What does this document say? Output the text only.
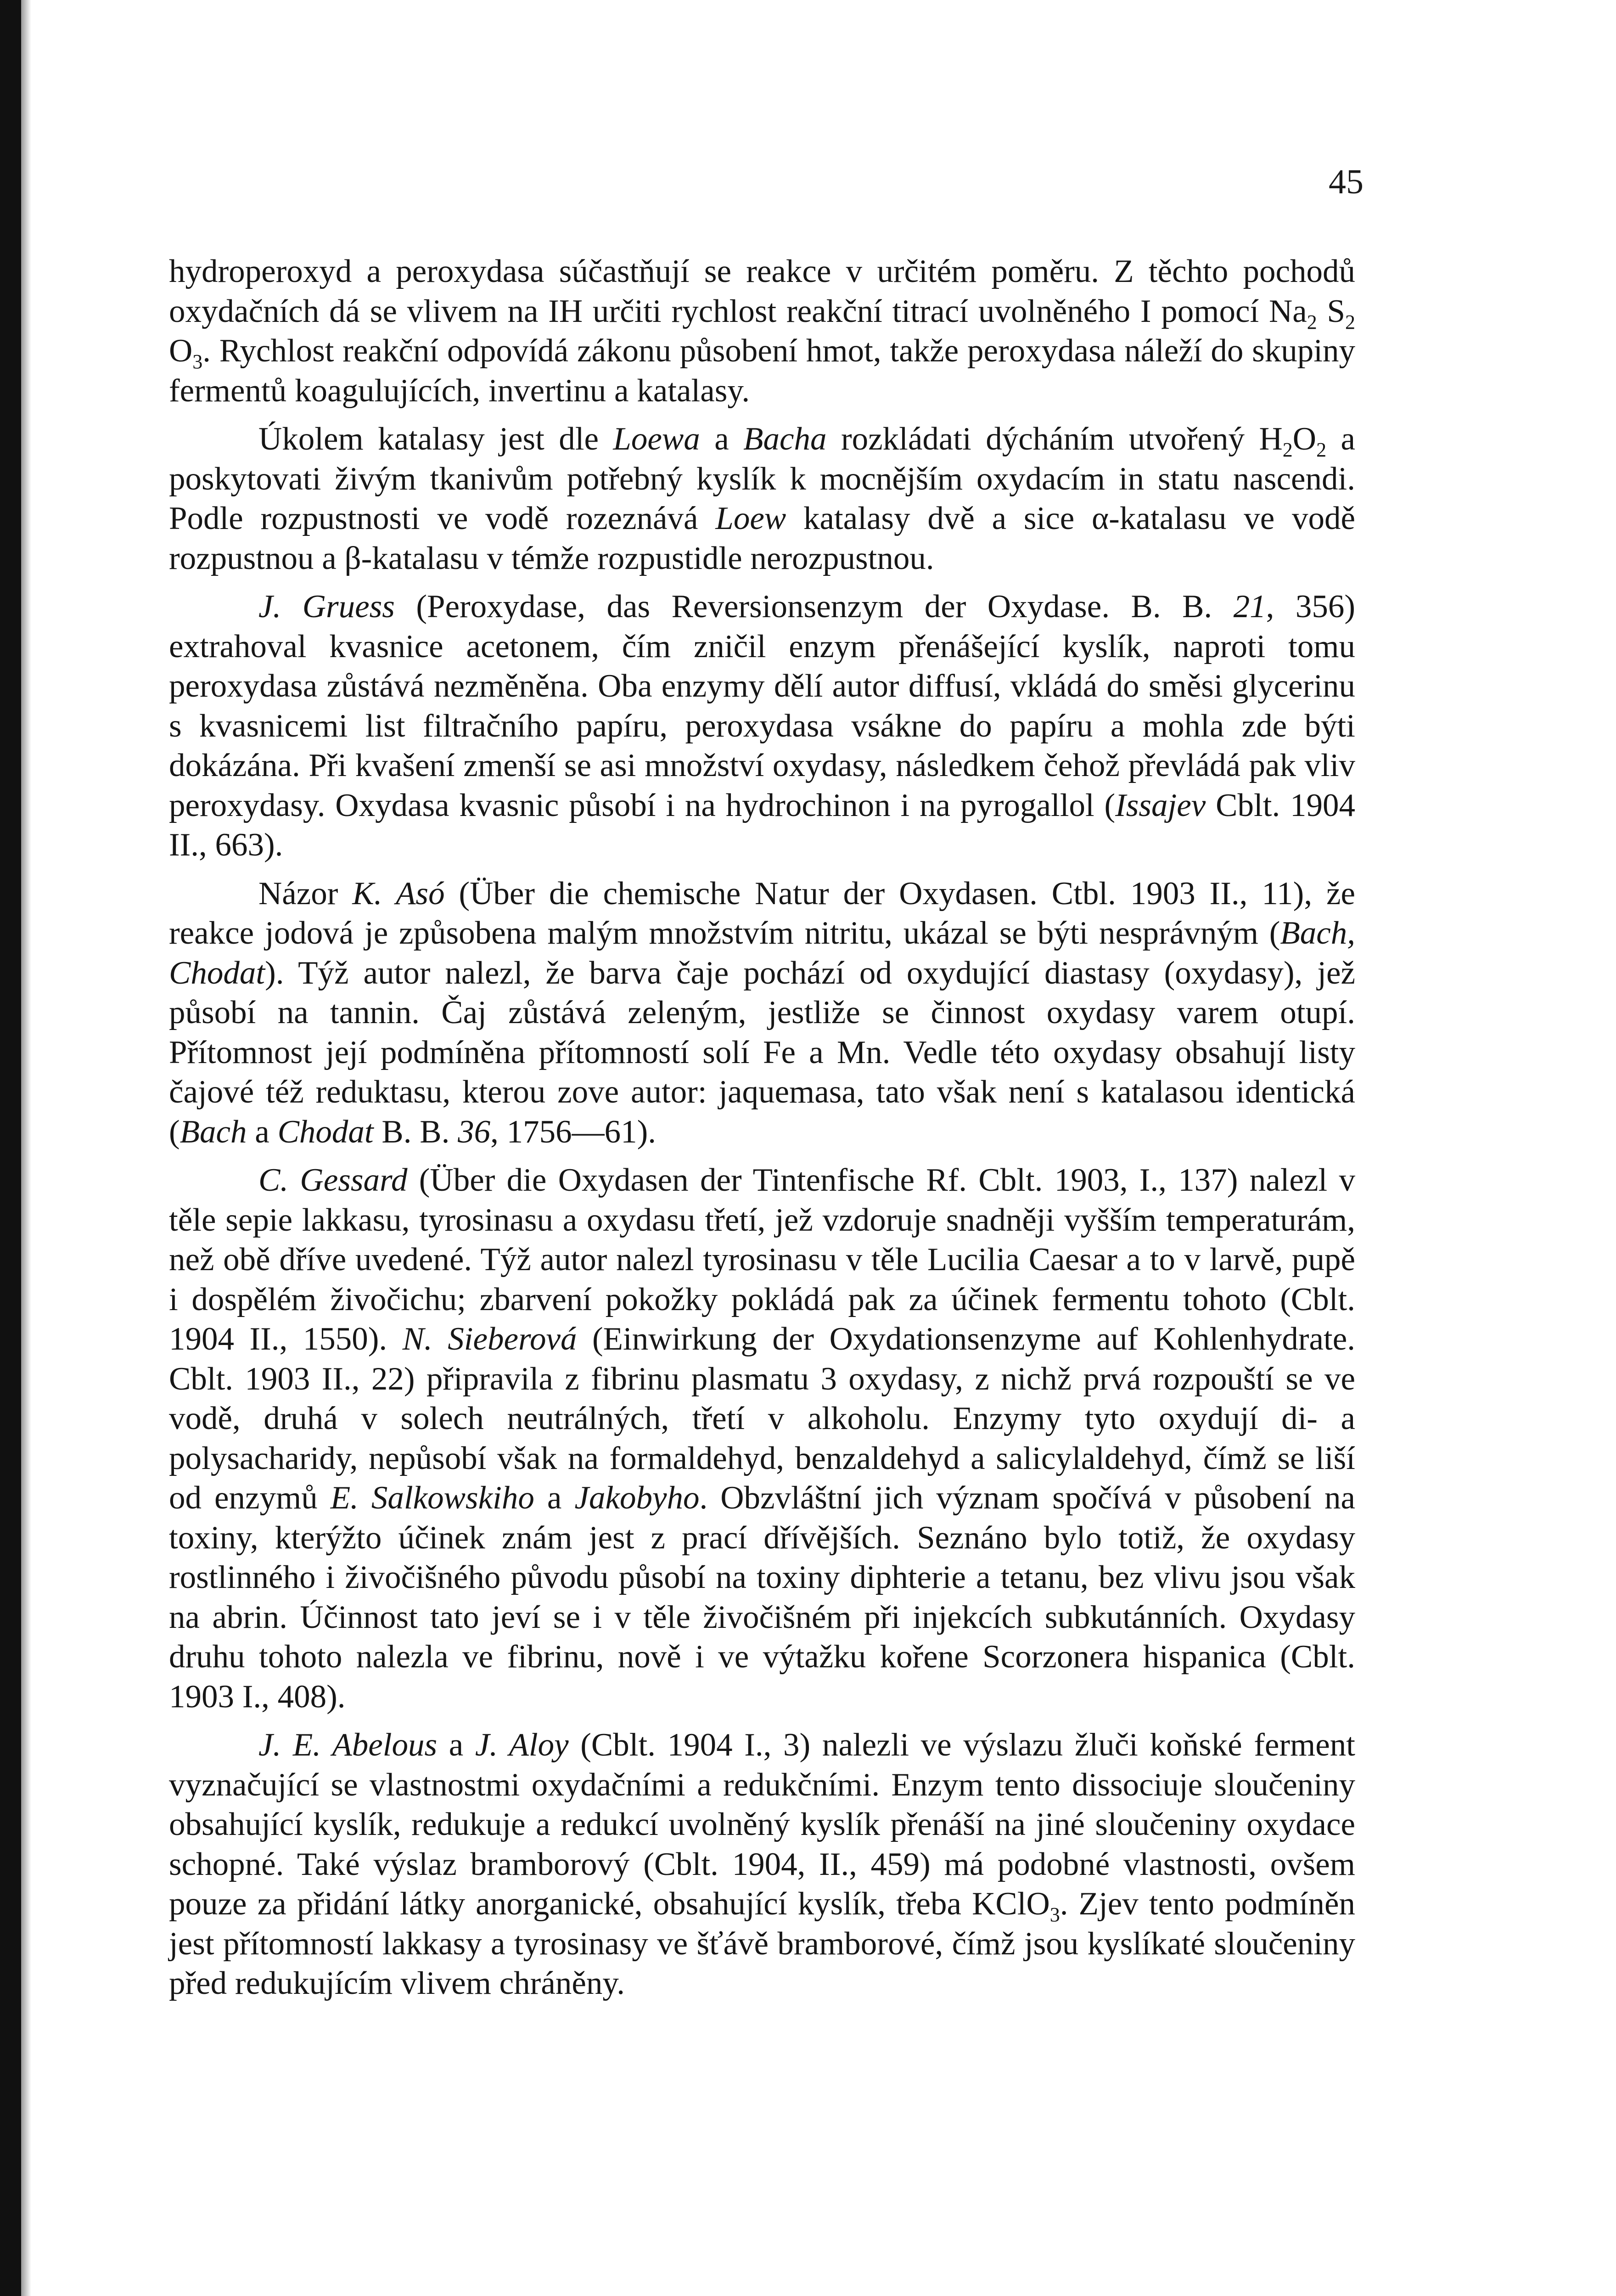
45

hydroperoxyd a peroxydasa súčastňují se reakce v určitém poměru. Z těchto pochodů oxydačních dá se vlivem na IH určiti rychlost reakční titrací uvolněného I pomocí $Na_2$ $S_2$ $O_3$. Rychlost reakční odpovídá zákonu působení hmot, takže peroxydasa náleží do skupiny fermentů koagulujících, invertinu a katalasy.

Úkolem katalasy jest dle Loewa a Bacha rozkládati dýcháním utvořený $H_2O_2$ a poskytovati živým tkanivům potřebný kyslík k mocnějším oxydacím in statu nascendi. Podle rozpustnosti ve vodě rozeznává Loew katalasy dvě a sice α-katalasu ve vodě rozpustnou a β-katalasu v témže rozpustidle nerozpustnou.

J. Gruess (Peroxydase, das Reversionsenzym der Oxydase. B. B. 21, 356) extrahoval kvasnice acetonem, čím zničil enzym přenášející kyslík, naproti tomu peroxydasa zůstává nezměněna. Oba enzymy dělí autor diffusí, vkládá do směsi glycerinu s kvasnicemi list filtračního papíru, peroxydasa vsákne do papíru a mohla zde býti dokázána. Při kvašení zmenší se asi množství oxydasy, následkem čehož převládá pak vliv peroxydasy. Oxydasa kvasnic působí i na hydrochinon i na pyrogallol (Issajev Cblt. 1904 II., 663).

Názor K. Asó (Über die chemische Natur der Oxydasen. Ctbl. 1903 II., 11), že reakce jodová je způsobena malým množstvím nitritu, ukázal se býti nesprávným (Bach, Chodat). Týž autor nalezl, že barva čaje pochází od oxydující diastasy (oxydasy), jež působí na tannin. Čaj zůstává zeleným, jestliže se činnost oxydasy varem otupí. Přítomnost její podmíněna přítomností solí Fe a Mn. Vedle této oxydasy obsahují listy čajové též reduktasu, kterou zove autor: jaquemasa, tato však není s katalasou identická (Bach a Chodat B. B. 36, 1756—61).

C. Gessard (Über die Oxydasen der Tintenfische Rf. Cblt. 1903, I., 137) nalezl v těle sepie lakkasu, tyrosinasu a oxydasu třetí, jež vzdoruje snadněji vyšším temperaturám, než obě dříve uvedené. Týž autor nalezl tyrosinasu v těle Lucilia Caesar a to v larvě, pupě i dospělém živočichu; zbarvení pokožky pokládá pak za účinek fermentu tohoto (Cblt. 1904 II., 1550). N. Sieberová (Einwirkung der Oxydationsenzyme auf Kohlenhydrate. Cblt. 1903 II., 22) připravila z fibrinu plasmatu 3 oxydasy, z nichž prvá rozpouští se ve vodě, druhá v solech neutrálných, třetí v alkoholu. Enzymy tyto oxydují di- a polysacharidy, nepůsobí však na formaldehyd, benzaldehyd a salicylaldehyd, čímž se liší od enzymů E. Salkowskiho a Jakobyho. Obzvláštní jich význam spočívá v působení na toxiny, kterýžto účinek znám jest z prací dřívějších. Seznáno bylo totiž, že oxydasy rostlinného i živočišného původu působí na toxiny diphterie a tetanu, bez vlivu jsou však na abrin. Účinnost tato jeví se i v těle živočišném při injekcích subkutánních. Oxydasy druhu tohoto nalezla ve fibrinu, nově i ve výtažku kořene Scorzonera hispanica (Cblt. 1903 I., 408).

J. E. Abelous a J. Aloy (Cblt. 1904 I., 3) nalezli ve výslazu žluči koňské ferment vyznačující se vlastnostmi oxydačními a redukčními. Enzym tento dissociuje sloučeniny obsahující kyslík, redukuje a redukcí uvolněný kyslík přenáší na jiné sloučeniny oxydace schopné. Také výslaz bramborový (Cblt. 1904, II., 459) má podobné vlastnosti, ovšem pouze za přidání látky anorganické, obsahující kyslík, třeba KClO$_3$. Zjev tento podmíněn jest přítomností lakkasy a tyrosinasy ve šťávě bramborové, čímž jsou kyslíkaté sloučeniny před redukujícím vlivem chráněny.
